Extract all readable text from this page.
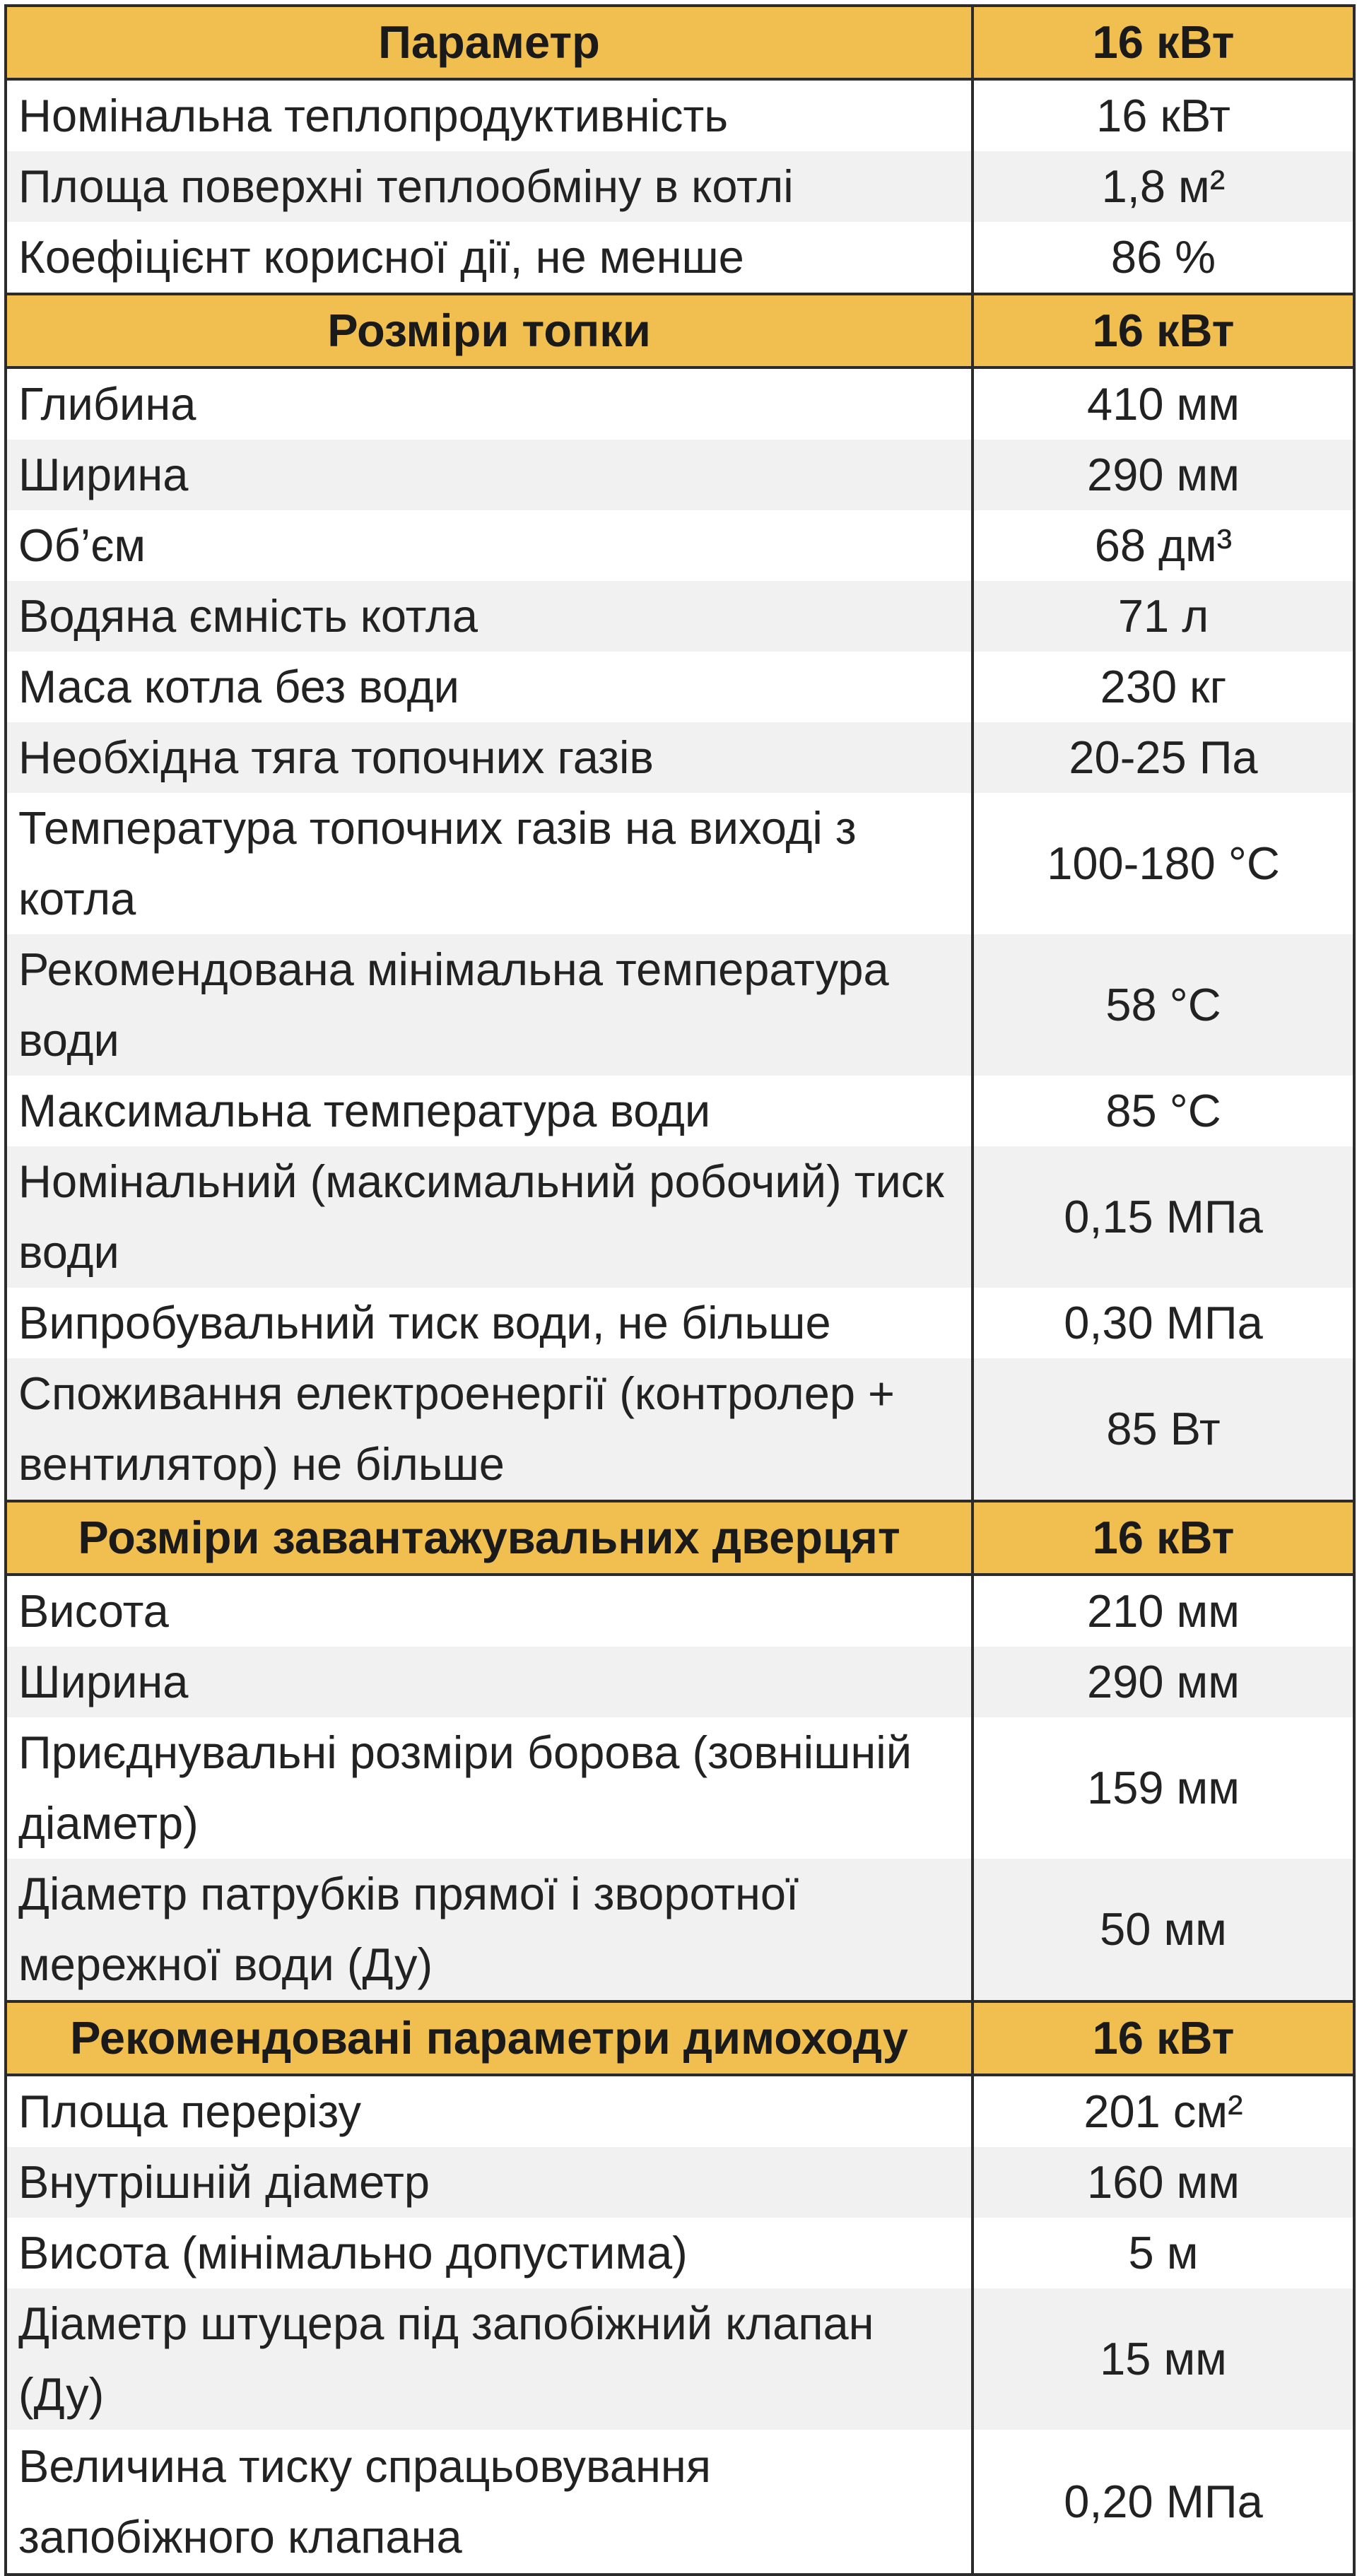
Параметр	16 кВт
Номінальна теплопродуктивність	16 кВт
Площа поверхні теплообміну в котлі	1,8 м²
Коефіцієнт корисної дії, не менше	86 %
Розміри топки	16 кВт
Глибина	410 мм
Ширина	290 мм
Об’єм	68 дм³
Водяна ємність котла	71 л
Маса котла без води	230 кг
Необхідна тяга топочних газів	20-25 Па
Температура топочних газів на виході з котла	100-180 °C
Рекомендована мінімальна температура води	58 °C
Максимальна температура води	85 °C
Номінальний (максимальний робочий) тиск води	0,15 МПа
Випробувальний тиск води, не більше	0,30 МПа
Споживання електроенергії (контролер + вентилятор) не більше	85 Вт
Розміри завантажувальних дверцят	16 кВт
Висота	210 мм
Ширина	290 мм
Приєднувальні розміри борова (зовнішній діаметр)	159 мм
Діаметр патрубків прямої і зворотної мережної води (Ду)	50 мм
Рекомендовані параметри димоходу	16 кВт
Площа перерізу	201 см²
Внутрішній діаметр	160 мм
Висота (мінімально допустима)	5 м
Діаметр штуцера під запобіжний клапан (Ду)	15 мм
Величина тиску спрацьовування запобіжного клапана	0,20 МПа
